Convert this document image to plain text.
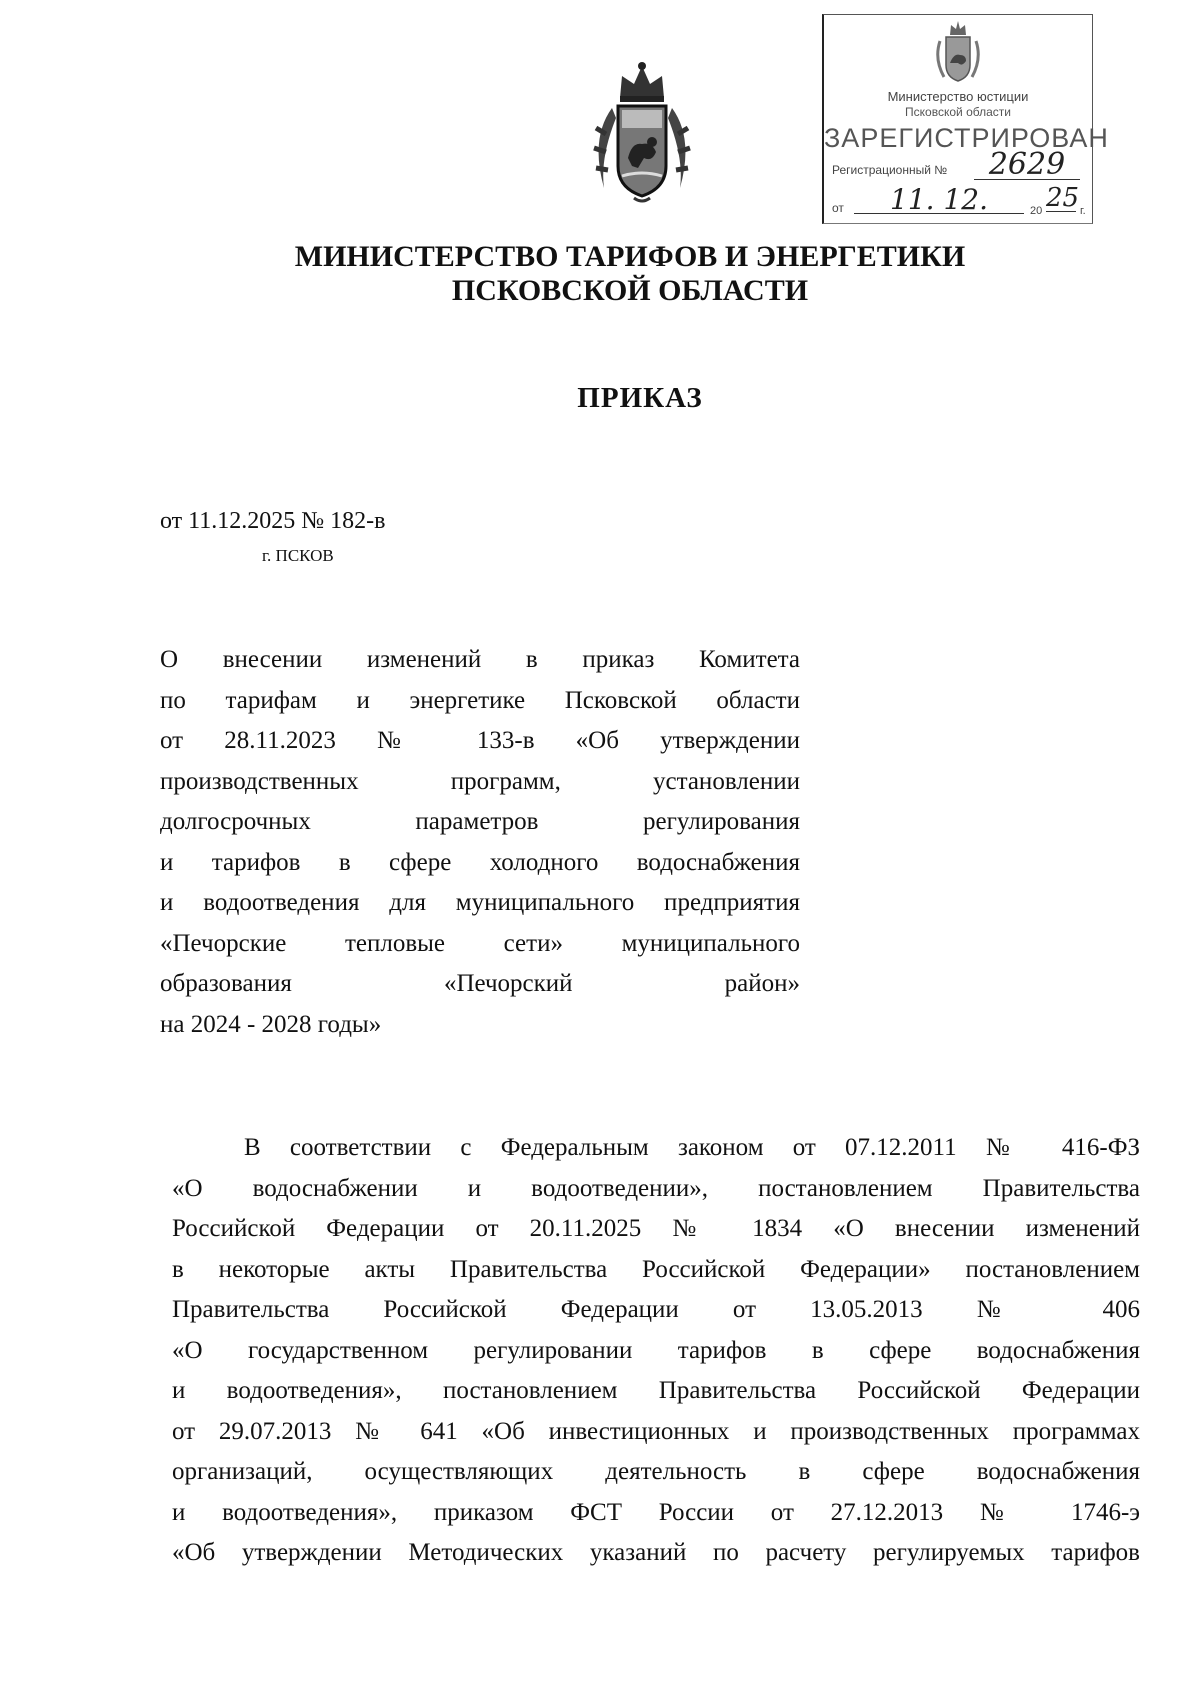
Министерство юстиции
Псковской области
ЗАРЕГИСТРИРОВАН
Регистрационный №	2629
от	11. 12.	20 25 г.
МИНИСТЕРСТВО ТАРИФОВ И ЭНЕРГЕТИКИ
ПСКОВСКОЙ ОБЛАСТИ
ПРИКАЗ
от 11.12.2025 № 182-в
г. ПСКОВ
О внесении изменений в приказ Комитета
по тарифам и энергетике Псковской области
от 28.11.2023 № 133-в «Об утверждении
производственных программ, установлении
долгосрочных параметров регулирования
и тарифов в сфере холодного водоснабжения
и водоотведения для муниципального предприятия
«Печорские тепловые сети» муниципального
образования «Печорский район»
на 2024 - 2028 годы»
В соответствии с Федеральным законом от 07.12.2011 № 416-ФЗ
«О водоснабжении и водоотведении», постановлением Правительства
Российской Федерации от 20.11.2025 № 1834 «О внесении изменений
в некоторые акты Правительства Российской Федерации» постановлением
Правительства Российской Федерации от 13.05.2013 № 406
«О государственном регулировании тарифов в сфере водоснабжения
и водоотведения», постановлением Правительства Российской Федерации
от 29.07.2013 № 641 «Об инвестиционных и производственных программах
организаций, осуществляющих деятельность в сфере водоснабжения
и водоотведения», приказом ФСТ России от 27.12.2013 № 1746-э
«Об утверждении Методических указаний по расчету регулируемых тарифов
